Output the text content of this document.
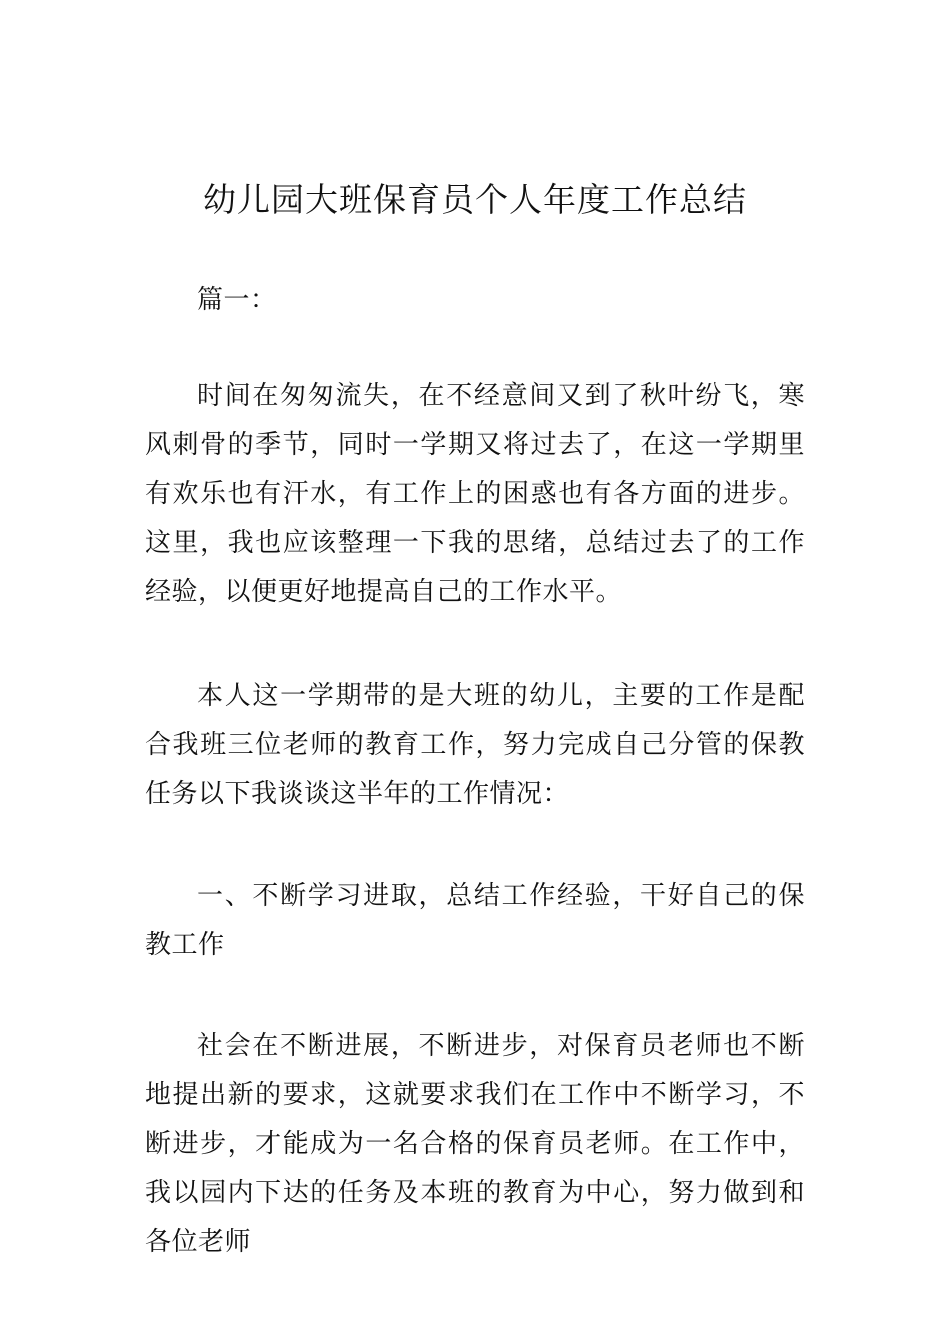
幼儿园大班保育员个人年度工作总结

篇一：

时间在匆匆流失，在不经意间又到了秋叶纷飞，寒风刺骨的季节，同时一学期又将过去了，在这一学期里有欢乐也有汗水，有工作上的困惑也有各方面的进步。这里，我也应该整理一下我的思绪，总结过去了的工作经验，以便更好地提高自己的工作水平。

本人这一学期带的是大班的幼儿，主要的工作是配合我班三位老师的教育工作，努力完成自己分管的保教任务以下我谈谈这半年的工作情况：

一、不断学习进取，总结工作经验，干好自己的保教工作

社会在不断进展，不断进步，对保育员老师也不断地提出新的要求，这就要求我们在工作中不断学习，不断进步，才能成为一名合格的保育员老师。在工作中，我以园内下达的任务及本班的教育为中心，努力做到和各位老师
